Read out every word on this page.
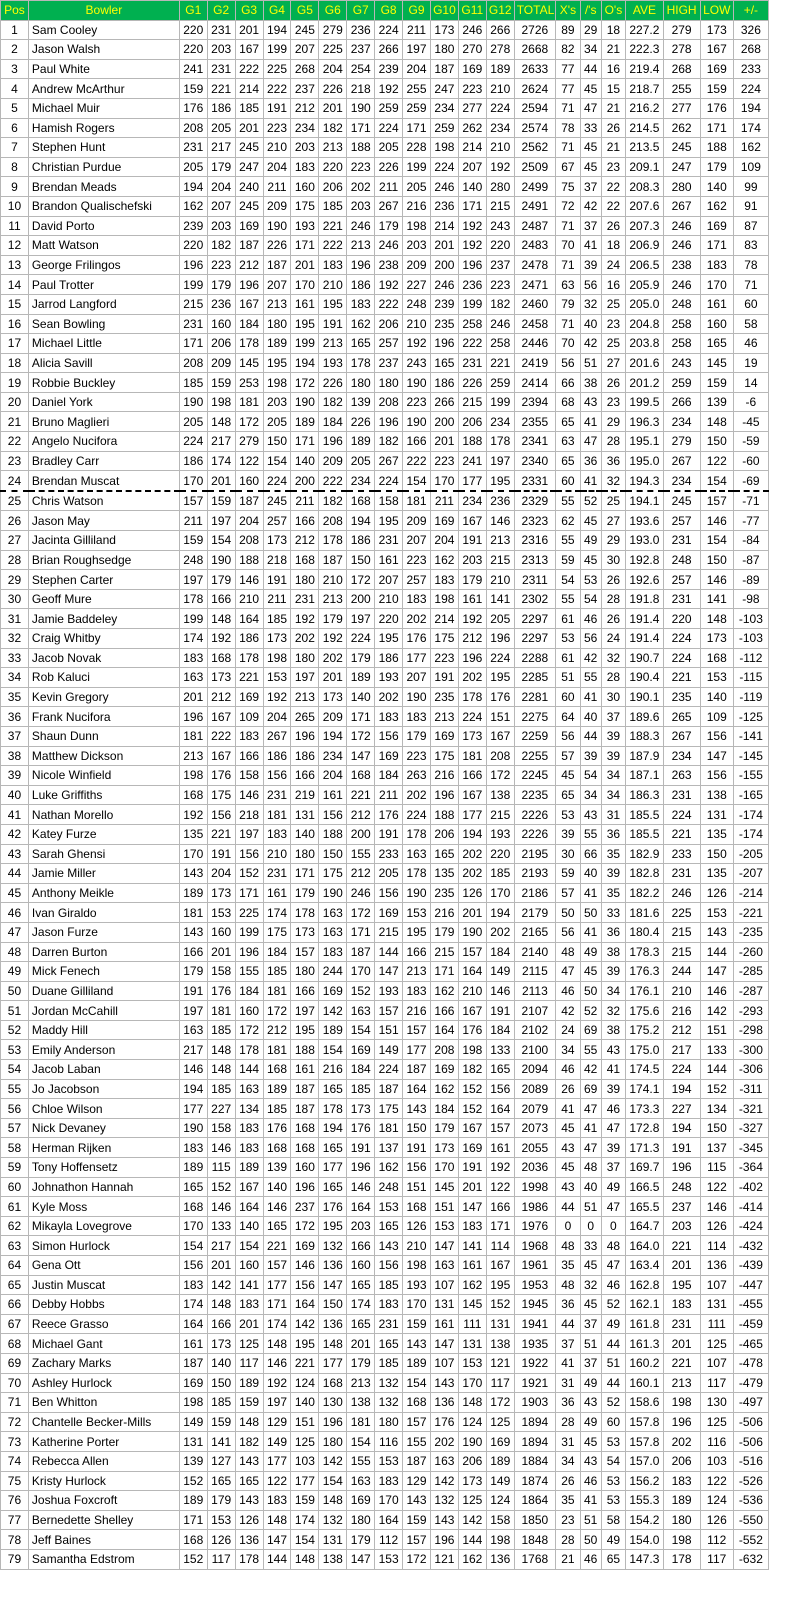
Pos	Bowler	G1	G2	G3	G4	G5	G6	G7	G8	G9	G10	G11	G12	TOTAL	X's	/'s	O's	AVE	HIGH	LOW	+/-
1	Sam Cooley	220	231	201	194	245	279	236	224	211	173	246	266	2726	89	29	18	227.2	279	173	326
2	Jason Walsh	220	203	167	199	207	225	237	266	197	180	270	278	2668	82	34	21	222.3	278	167	268
3	Paul White	241	231	222	225	268	204	254	239	204	187	169	189	2633	77	44	16	219.4	268	169	233
4	Andrew McArthur	159	221	214	222	237	226	218	192	255	247	223	210	2624	77	45	15	218.7	255	159	224
5	Michael Muir	176	186	185	191	212	201	190	259	259	234	277	224	2594	71	47	21	216.2	277	176	194
6	Hamish Rogers	208	205	201	223	234	182	171	224	171	259	262	234	2574	78	33	26	214.5	262	171	174
7	Stephen Hunt	231	217	245	210	203	213	188	205	228	198	214	210	2562	71	45	21	213.5	245	188	162
8	Christian Purdue	205	179	247	204	183	220	223	226	199	224	207	192	2509	67	45	23	209.1	247	179	109
9	Brendan Meads	194	204	240	211	160	206	202	211	205	246	140	280	2499	75	37	22	208.3	280	140	99
10	Brandon Qualischefski	162	207	245	209	175	185	203	267	216	236	171	215	2491	72	42	22	207.6	267	162	91
11	David Porto	239	203	169	190	193	221	246	179	198	214	192	243	2487	71	37	26	207.3	246	169	87
12	Matt Watson	220	182	187	226	171	222	213	246	203	201	192	220	2483	70	41	18	206.9	246	171	83
13	George Frilingos	196	223	212	187	201	183	196	238	209	200	196	237	2478	71	39	24	206.5	238	183	78
14	Paul Trotter	199	179	196	207	170	210	186	192	227	246	236	223	2471	63	56	16	205.9	246	170	71
15	Jarrod Langford	215	236	167	213	161	195	183	222	248	239	199	182	2460	79	32	25	205.0	248	161	60
16	Sean Bowling	231	160	184	180	195	191	162	206	210	235	258	246	2458	71	40	23	204.8	258	160	58
17	Michael Little	171	206	178	189	199	213	165	257	192	196	222	258	2446	70	42	25	203.8	258	165	46
18	Alicia Savill	208	209	145	195	194	193	178	237	243	165	231	221	2419	56	51	27	201.6	243	145	19
19	Robbie Buckley	185	159	253	198	172	226	180	180	190	186	226	259	2414	66	38	26	201.2	259	159	14
20	Daniel York	190	198	181	203	190	182	139	208	223	266	215	199	2394	68	43	23	199.5	266	139	-6
21	Bruno Maglieri	205	148	172	205	189	184	226	196	190	200	206	234	2355	65	41	29	196.3	234	148	-45
22	Angelo Nucifora	224	217	279	150	171	196	189	182	166	201	188	178	2341	63	47	28	195.1	279	150	-59
23	Bradley Carr	186	174	122	154	140	209	205	267	222	223	241	197	2340	65	36	36	195.0	267	122	-60
24	Brendan Muscat	170	201	160	224	200	222	234	224	154	170	177	195	2331	60	41	32	194.3	234	154	-69
25	Chris Watson	157	159	187	245	211	182	168	158	181	211	234	236	2329	55	52	25	194.1	245	157	-71
26	Jason May	211	197	204	257	166	208	194	195	209	169	167	146	2323	62	45	27	193.6	257	146	-77
27	Jacinta Gilliland	159	154	208	173	212	178	186	231	207	204	191	213	2316	55	49	29	193.0	231	154	-84
28	Brian Roughsedge	248	190	188	218	168	187	150	161	223	162	203	215	2313	59	45	30	192.8	248	150	-87
29	Stephen Carter	197	179	146	191	180	210	172	207	257	183	179	210	2311	54	53	26	192.6	257	146	-89
30	Geoff Mure	178	166	210	211	231	213	200	210	183	198	161	141	2302	55	54	28	191.8	231	141	-98
31	Jamie Baddeley	199	148	164	185	192	179	197	220	202	214	192	205	2297	61	46	26	191.4	220	148	-103
32	Craig Whitby	174	192	186	173	202	192	224	195	176	175	212	196	2297	53	56	24	191.4	224	173	-103
33	Jacob Novak	183	168	178	198	180	202	179	186	177	223	196	224	2288	61	42	32	190.7	224	168	-112
34	Rob Kaluci	163	173	221	153	197	201	189	193	207	191	202	195	2285	51	55	28	190.4	221	153	-115
35	Kevin Gregory	201	212	169	192	213	173	140	202	190	235	178	176	2281	60	41	30	190.1	235	140	-119
36	Frank Nucifora	196	167	109	204	265	209	171	183	183	213	224	151	2275	64	40	37	189.6	265	109	-125
37	Shaun Dunn	181	222	183	267	196	194	172	156	179	169	173	167	2259	56	44	39	188.3	267	156	-141
38	Matthew Dickson	213	167	166	186	186	234	147	169	223	175	181	208	2255	57	39	39	187.9	234	147	-145
39	Nicole Winfield	198	176	158	156	166	204	168	184	263	216	166	172	2245	45	54	34	187.1	263	156	-155
40	Luke Griffiths	168	175	146	231	219	161	221	211	202	196	167	138	2235	65	34	34	186.3	231	138	-165
41	Nathan Morello	192	156	218	181	131	156	212	176	224	188	177	215	2226	53	43	31	185.5	224	131	-174
42	Katey Furze	135	221	197	183	140	188	200	191	178	206	194	193	2226	39	55	36	185.5	221	135	-174
43	Sarah Ghensi	170	191	156	210	180	150	155	233	163	165	202	220	2195	30	66	35	182.9	233	150	-205
44	Jamie Miller	143	204	152	231	171	175	212	205	178	135	202	185	2193	59	40	39	182.8	231	135	-207
45	Anthony Meikle	189	173	171	161	179	190	246	156	190	235	126	170	2186	57	41	35	182.2	246	126	-214
46	Ivan Giraldo	181	153	225	174	178	163	172	169	153	216	201	194	2179	50	50	33	181.6	225	153	-221
47	Jason Furze	143	160	199	175	173	163	171	215	195	179	190	202	2165	56	41	36	180.4	215	143	-235
48	Darren Burton	166	201	196	184	157	183	187	144	166	215	157	184	2140	48	49	38	178.3	215	144	-260
49	Mick Fenech	179	158	155	185	180	244	170	147	213	171	164	149	2115	47	45	39	176.3	244	147	-285
50	Duane Gilliland	191	176	184	181	166	169	152	193	183	162	210	146	2113	46	50	34	176.1	210	146	-287
51	Jordan McCahill	197	181	160	172	197	142	163	157	216	166	167	191	2107	42	52	32	175.6	216	142	-293
52	Maddy Hill	163	185	172	212	195	189	154	151	157	164	176	184	2102	24	69	38	175.2	212	151	-298
53	Emily Anderson	217	148	178	181	188	154	169	149	177	208	198	133	2100	34	55	43	175.0	217	133	-300
54	Jacob Laban	146	148	144	168	161	216	184	224	187	169	182	165	2094	46	42	41	174.5	224	144	-306
55	Jo Jacobson	194	185	163	189	187	165	185	187	164	162	152	156	2089	26	69	39	174.1	194	152	-311
56	Chloe Wilson	177	227	134	185	187	178	173	175	143	184	152	164	2079	41	47	46	173.3	227	134	-321
57	Nick Devaney	190	158	183	176	168	194	176	181	150	179	167	157	2073	45	41	47	172.8	194	150	-327
58	Herman Rijken	183	146	183	168	168	165	191	137	191	173	169	161	2055	43	47	39	171.3	191	137	-345
59	Tony Hoffensetz	189	115	189	139	160	177	196	162	156	170	191	192	2036	45	48	37	169.7	196	115	-364
60	Johnathon Hannah	165	152	167	140	196	165	146	248	151	145	201	122	1998	43	40	49	166.5	248	122	-402
61	Kyle Moss	168	146	164	146	237	176	164	153	168	151	147	166	1986	44	51	47	165.5	237	146	-414
62	Mikayla Lovegrove	170	133	140	165	172	195	203	165	126	153	183	171	1976	0	0	0	164.7	203	126	-424
63	Simon Hurlock	154	217	154	221	169	132	166	143	210	147	141	114	1968	48	33	48	164.0	221	114	-432
64	Gena Ott	156	201	160	157	146	136	160	156	198	163	161	167	1961	35	45	47	163.4	201	136	-439
65	Justin Muscat	183	142	141	177	156	147	165	185	193	107	162	195	1953	48	32	46	162.8	195	107	-447
66	Debby Hobbs	174	148	183	171	164	150	174	183	170	131	145	152	1945	36	45	52	162.1	183	131	-455
67	Reece Grasso	164	166	201	174	142	136	165	231	159	161	111	131	1941	44	37	49	161.8	231	111	-459
68	Michael Gant	161	173	125	148	195	148	201	165	143	147	131	138	1935	37	51	44	161.3	201	125	-465
69	Zachary Marks	187	140	117	146	221	177	179	185	189	107	153	121	1922	41	37	51	160.2	221	107	-478
70	Ashley Hurlock	169	150	189	192	124	168	213	132	154	143	170	117	1921	31	49	44	160.1	213	117	-479
71	Ben Whitton	198	185	159	197	140	130	138	132	168	136	148	172	1903	36	43	52	158.6	198	130	-497
72	Chantelle Becker-Mills	149	159	148	129	151	196	181	180	157	176	124	125	1894	28	49	60	157.8	196	125	-506
73	Katherine Porter	131	141	182	149	125	180	154	116	155	202	190	169	1894	31	45	53	157.8	202	116	-506
74	Rebecca Allen	139	127	143	177	103	142	155	153	187	163	206	189	1884	34	43	54	157.0	206	103	-516
75	Kristy Hurlock	152	165	165	122	177	154	163	183	129	142	173	149	1874	26	46	53	156.2	183	122	-526
76	Joshua Foxcroft	189	179	143	183	159	148	169	170	143	132	125	124	1864	35	41	53	155.3	189	124	-536
77	Bernedette Shelley	171	153	126	148	174	132	180	164	159	143	142	158	1850	23	51	58	154.2	180	126	-550
78	Jeff Baines	168	126	136	147	154	131	179	112	157	196	144	198	1848	28	50	49	154.0	198	112	-552
79	Samantha Edstrom	152	117	178	144	148	138	147	153	172	121	162	136	1768	21	46	65	147.3	178	117	-632
